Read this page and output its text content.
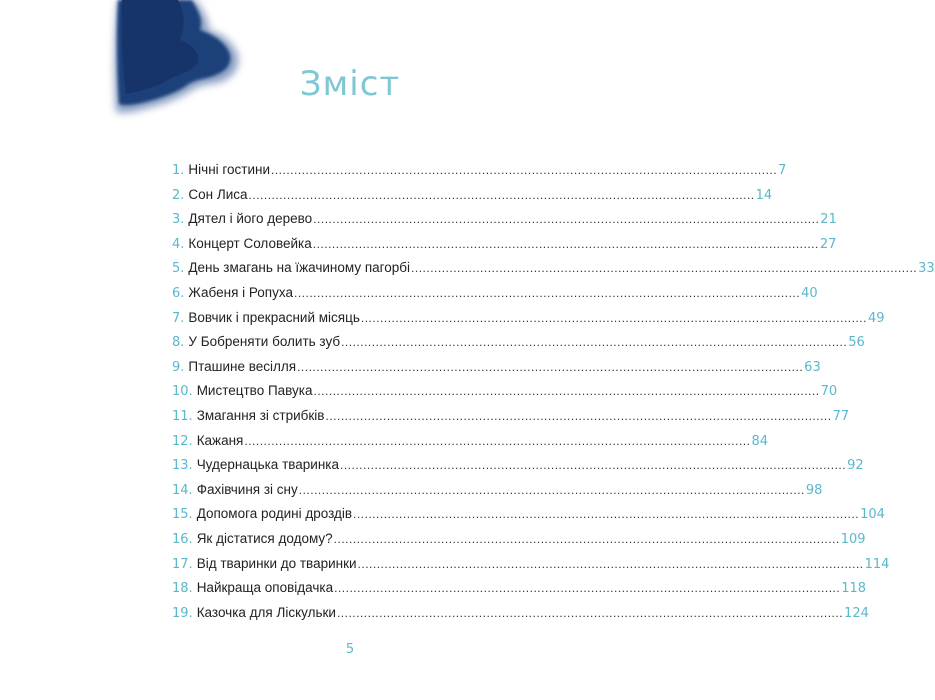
Зміст
1. Нічні гостини .....	7
2. Сон Лиса .....	14
3. Дятел і його дерево .....	21
4. Концерт Соловейка .....	27
5. День змагань на їжачиному пагорбі .....	33
6. Жабеня і Ропуха .....	40
7. Вовчик і прекрасний місяць .....	49
8. У Бобреняти болить зуб .....	56
9. Пташине весілля .....	63
10. Мистецтво Павука .....	70
11. Змагання зі стрибків .....	77
12. Кажаня .....	84
13. Чудернацька тваринка .....	92
14. Фахівчиня зі сну .....	98
15. Допомога родині дроздів .....	104
16. Як дістатися додому? .....	109
17. Від тваринки до тваринки .....	114
18. Найкраща оповідачка .....	118
19. Казочка для Ліскульки .....	124
5
